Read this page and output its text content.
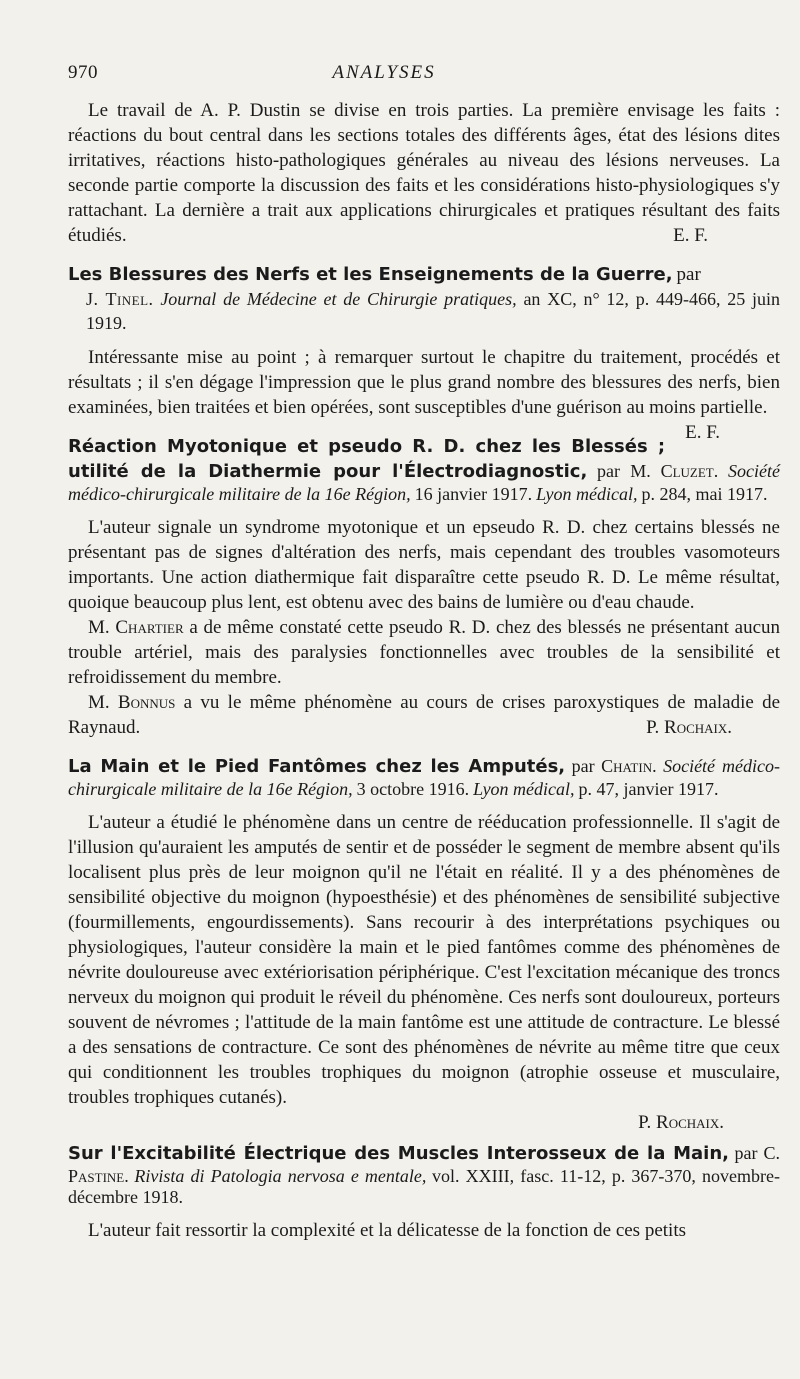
970	ANALYSES

Le travail de A. P. Dustin se divise en trois parties. La première envisage les faits : réactions du bout central dans les sections totales des différents âges, état des lésions dites irritatives, réactions histo-pathologiques générales au niveau des lésions nerveuses. La seconde partie comporte la discussion des faits et les considérations histo-physiologiques s'y rattachant. La dernière a trait aux applications chirurgicales et pratiques résultant des faits étudiés.	E. F.

Les Blessures des Nerfs et les Enseignements de la Guerre, par
J. Tinel. Journal de Médecine et de Chirurgie pratiques, an XC, n° 12, p. 449-466, 25 juin 1919.

Intéressante mise au point ; à remarquer surtout le chapitre du traitement, procédés et résultats ; il s'en dégage l'impression que le plus grand nombre des blessures des nerfs, bien examinées, bien traitées et bien opérées, sont susceptibles d'une guérison au moins partielle.
E. F.

Réaction Myotonique et pseudo R. D. chez les Blessés ; utilité de la Diathermie pour l'Électrodiagnostic, par M. Cluzet. Société médico-chirurgicale militaire de la 16e Région, 16 janvier 1917. Lyon médical, p. 284, mai 1917.

L'auteur signale un syndrome myotonique et un epseudo R. D. chez certains blessés ne présentant pas de signes d'altération des nerfs, mais cependant des troubles vasomoteurs importants. Une action diathermique fait disparaître cette pseudo R. D. Le même résultat, quoique beaucoup plus lent, est obtenu avec des bains de lumière ou d'eau chaude.

M. Chartier a de même constaté cette pseudo R. D. chez des blessés ne présentant aucun trouble artériel, mais des paralysies fonctionnelles avec troubles de la sensibilité et refroidissement du membre.

M. Bonnus a vu le même phénomène au cours de crises paroxystiques de maladie de Raynaud.	P. Rochaix.

La Main et le Pied Fantômes chez les Amputés, par Chatin. Société médico-chirurgicale militaire de la 16e Région, 3 octobre 1916. Lyon médical, p. 47, janvier 1917.

L'auteur a étudié le phénomène dans un centre de rééducation professionnelle. Il s'agit de l'illusion qu'auraient les amputés de sentir et de posséder le segment de membre absent qu'ils localisent plus près de leur moignon qu'il ne l'était en réalité. Il y a des phénomènes de sensibilité objective du moignon (hypoesthésie) et des phénomènes de sensibilité subjective (fourmillements, engourdissements). Sans recourir à des interprétations psychiques ou physiologiques, l'auteur considère la main et le pied fantômes comme des phénomènes de névrite douloureuse avec extériorisation périphérique. C'est l'excitation mécanique des troncs nerveux du moignon qui produit le réveil du phénomène. Ces nerfs sont douloureux, porteurs souvent de névromes ; l'attitude de la main fantôme est une attitude de contracture. Le blessé a des sensations de contracture. Ce sont des phénomènes de névrite au même titre que ceux qui conditionnent les troubles trophiques du moignon (atrophie osseuse et musculaire, troubles trophiques cutanés).

P. Rochaix.

Sur l'Excitabilité Électrique des Muscles Interosseux de la Main, par C. Pastine. Rivista di Patologia nervosa e mentale, vol. XXIII, fasc. 11-12, p. 367-370, novembre-décembre 1918.

L'auteur fait ressortir la complexité et la délicatesse de la fonction de ces petits
